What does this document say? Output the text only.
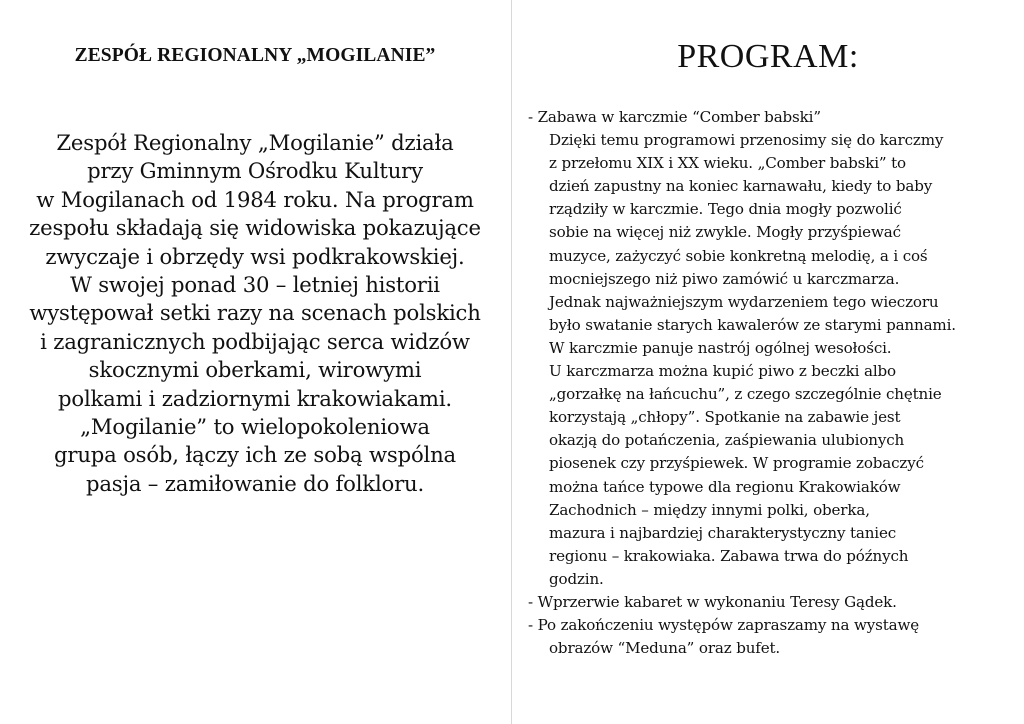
ZESPÓŁ REGIONALNY „MOGILANIE”
Zespół Regionalny „Mogilanie” działa
przy Gminnym Ośrodku Kultury
w Mogilanach od 1984 roku. Na program
zespołu składają się widowiska pokazujące
zwyczaje i obrzędy wsi podkrakowskiej.
W swojej ponad 30 – letniej historii
występował setki razy na scenach polskich
i zagranicznych podbijając serca widzów
skocznymi oberkami, wirowymi
polkami i zadziornymi krakowiakami.
„Mogilanie” to wielopokoleniowa
grupa osób, łączy ich ze sobą wspólna
pasja – zamiłowanie do folkloru.
PROGRAM:
- Zabawa w karczmie “Comber babski”
Dzięki temu programowi przenosimy się do karczmy
z przełomu XIX i XX wieku. „Comber babski” to
dzień zapustny na koniec karnawału, kiedy to baby
rządziły w karczmie. Tego dnia mogły pozwolić
sobie na więcej niż zwykle. Mogły przyśpiewać
muzyce, zażyczyć sobie konkretną melodię, a i coś
mocniejszego niż piwo zamówić u karczmarza.
Jednak najważniejszym wydarzeniem tego wieczoru
było swatanie starych kawalerów ze starymi pannami.
W karczmie panuje nastrój ogólnej wesołości.
U karczmarza można kupić piwo z beczki albo
„gorzałkę na łańcuchu”, z czego szczególnie chętnie
korzystają „chłopy”. Spotkanie na zabawie jest
okazją do potańczenia, zaśpiewania ulubionych
piosenek czy przyśpiewek. W programie zobaczyć
można tańce typowe dla regionu Krakowiaków
Zachodnich – między innymi polki, oberka,
mazura i najbardziej charakterystyczny taniec
regionu – krakowiaka. Zabawa trwa do późnych
godzin.
- Wprzerwie kabaret w wykonaniu Teresy Gądek.
- Po zakończeniu występów zapraszamy na wystawę
obrazów “Meduna” oraz bufet.
